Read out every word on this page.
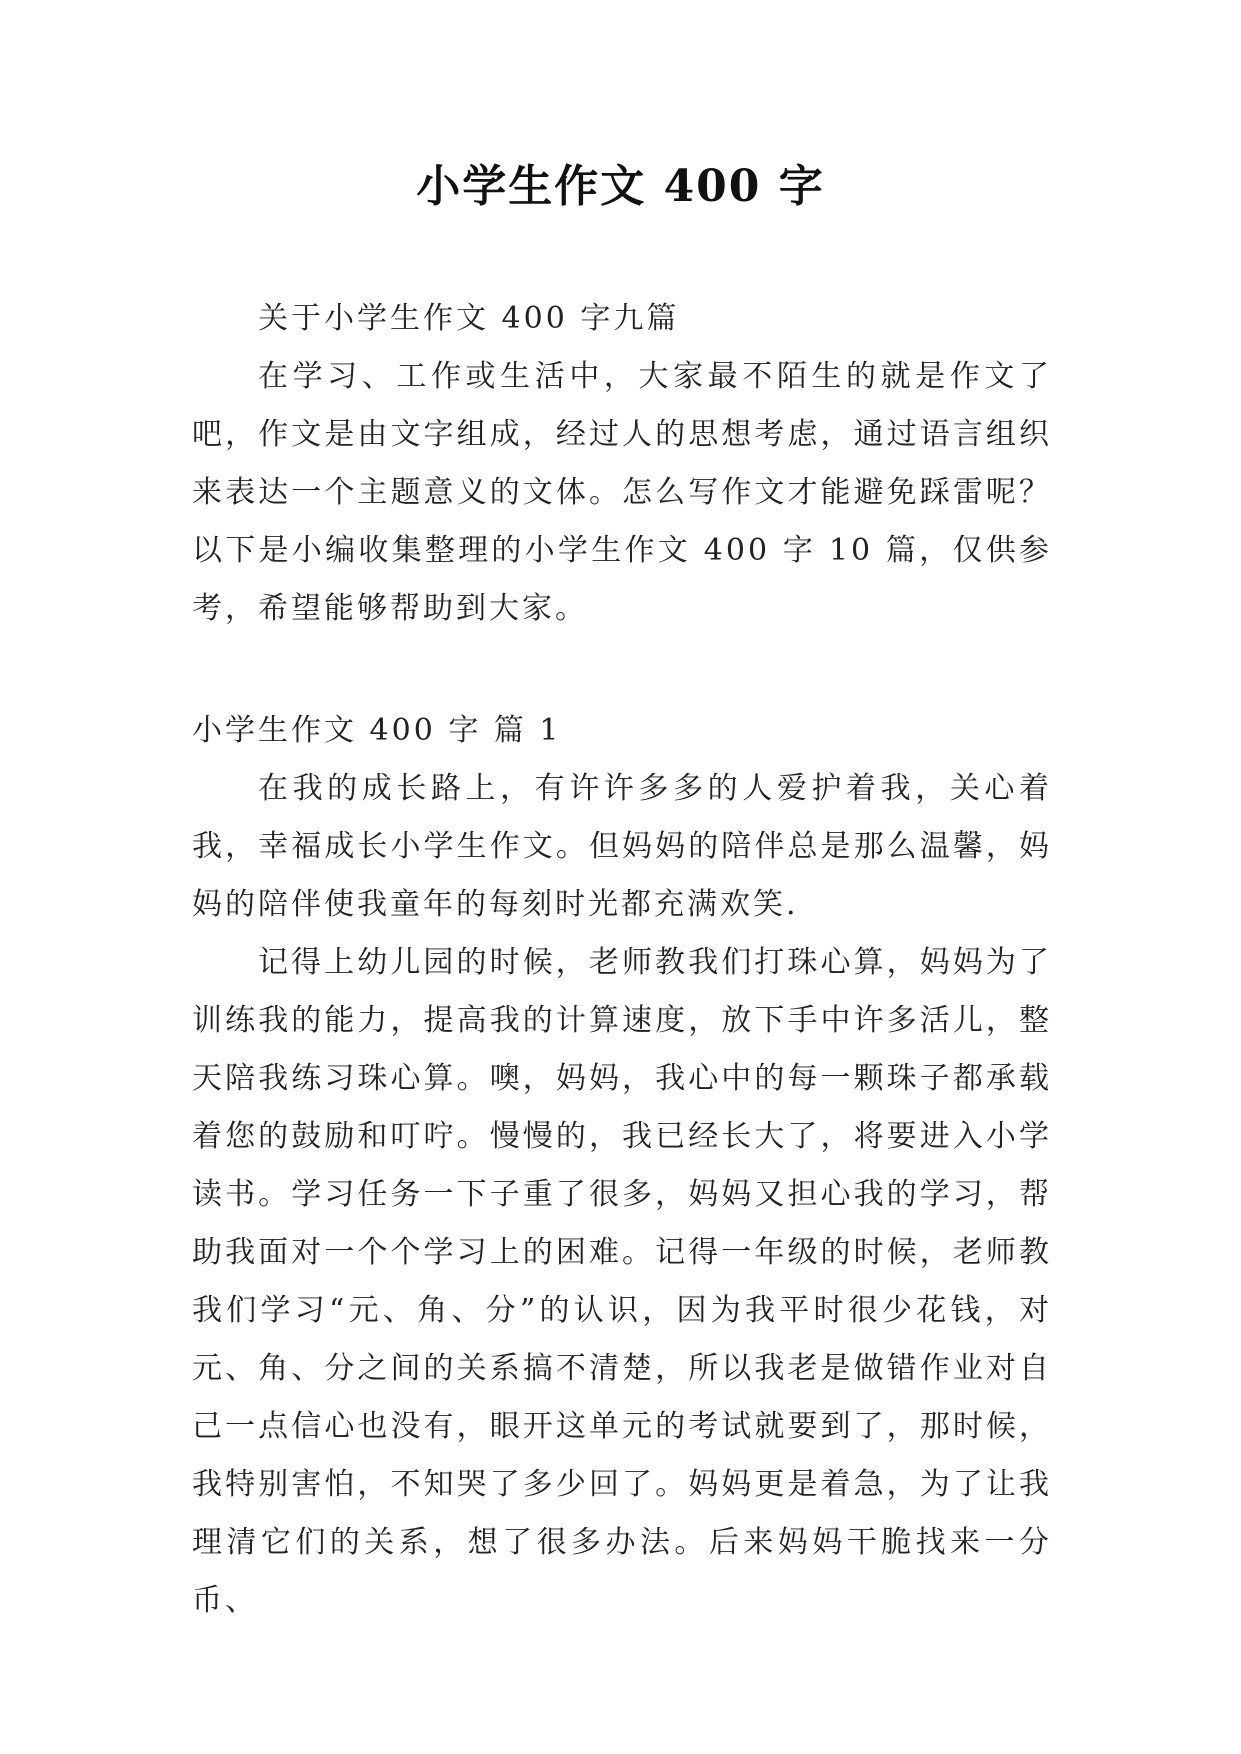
小学生作文 400 字

关于小学生作文 400 字九篇

在学习、工作或生活中，大家最不陌生的就是作文了吧，作文是由文字组成，经过人的思想考虑，通过语言组织来表达一个主题意义的文体。怎么写作文才能避免踩雷呢？以下是小编收集整理的小学生作文 400 字 10 篇，仅供参考，希望能够帮助到大家。

小学生作文 400 字 篇 1

在我的成长路上，有许许多多的人爱护着我，关心着我，幸福成长小学生作文。但妈妈的陪伴总是那么温馨，妈妈的陪伴使我童年的每刻时光都充满欢笑.

记得上幼儿园的时候，老师教我们打珠心算，妈妈为了训练我的能力，提高我的计算速度，放下手中许多活儿，整天陪我练习珠心算。噢，妈妈，我心中的每一颗珠子都承载着您的鼓励和叮咛。慢慢的，我已经长大了，将要进入小学读书。学习任务一下子重了很多，妈妈又担心我的学习，帮助我面对一个个学习上的困难。记得一年级的时候，老师教我们学习“元、角、分”的认识，因为我平时很少花钱，对元、角、分之间的关系搞不清楚，所以我老是做错作业对自己一点信心也没有，眼开这单元的考试就要到了，那时候，我特别害怕，不知哭了多少回了。妈妈更是着急，为了让我理清它们的关系，想了很多办法。后来妈妈干脆找来一分币、
